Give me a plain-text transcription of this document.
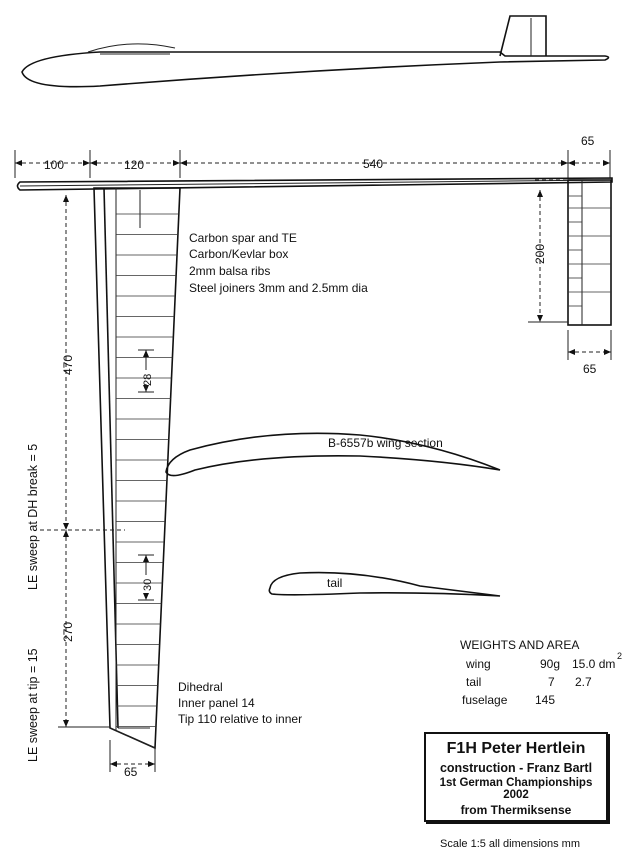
100	120	540
65
200
65
470
270
28
30
65
LE sweep at DH break = 5
LE sweep at tip = 15
Carbon spar and TE
Carbon/Kevlar box
2mm balsa ribs
Steel joiners 3mm and 2.5mm dia
Dihedral
Inner panel 14
Tip 110 relative to inner
B-6557b wing section
tail
WEIGHTS AND AREA
wing	90g 15.0 dm
2
tail	7 2.7
fuselage 145
F1H Peter Hertlein
construction - Franz Bartl
1st German Championships 2002
from Thermiksense
Scale 1:5 all dimensions mm
